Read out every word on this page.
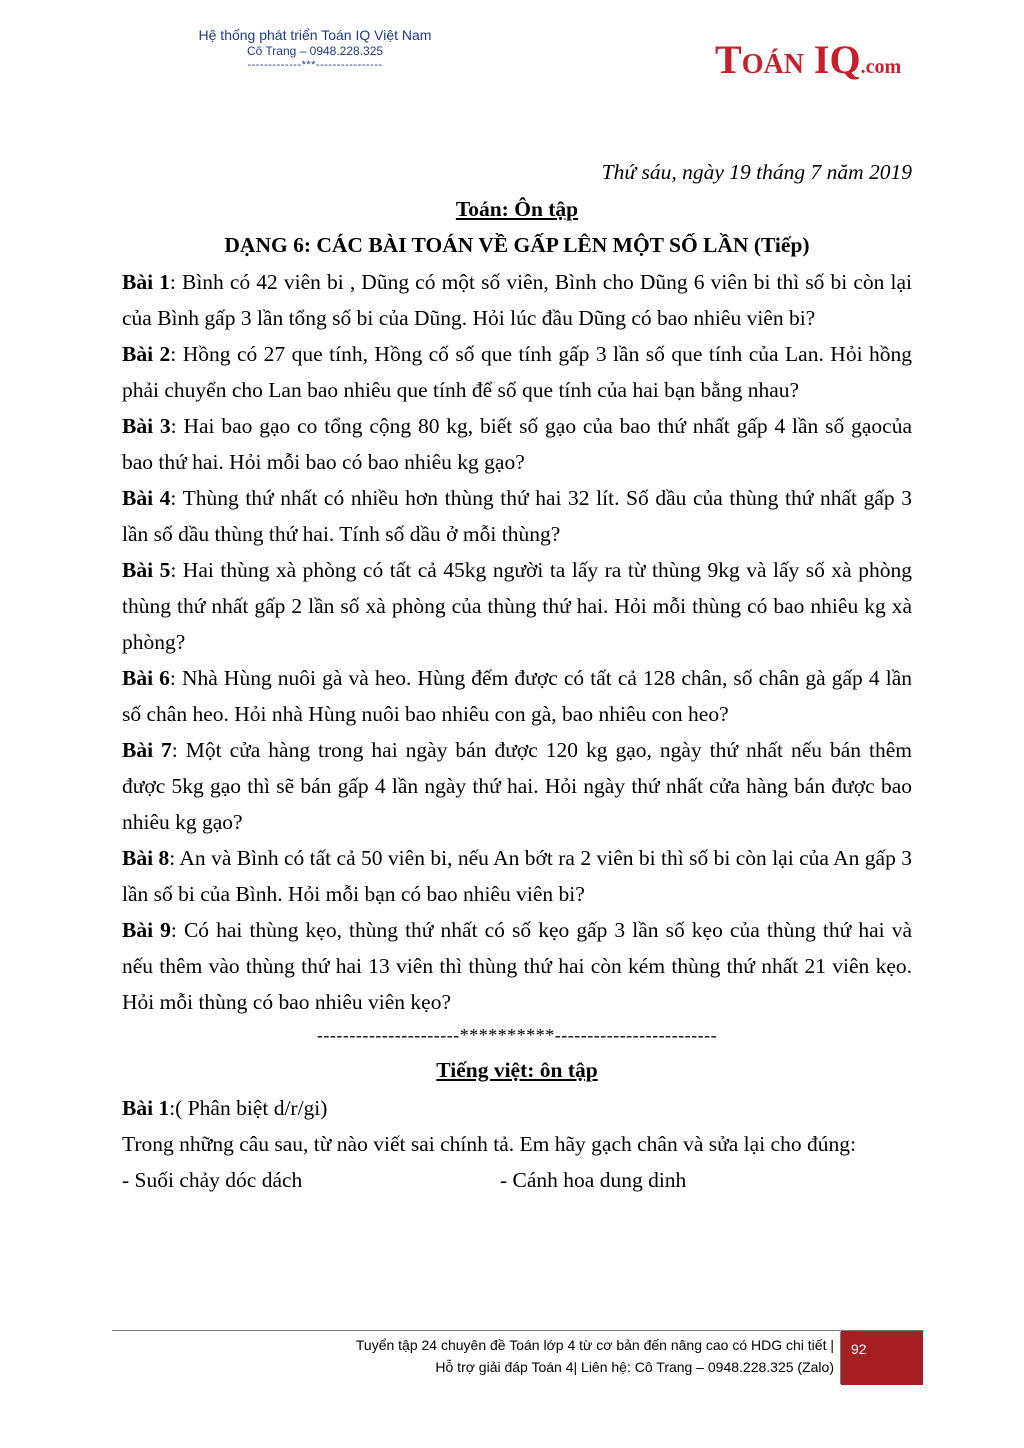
Hệ thống phát triển Toán IQ Việt Nam
Cô Trang – 0948.228.325
-------------***----------------	TOÁN IQ.com
Thứ sáu, ngày 19 tháng 7 năm 2019
Toán: Ôn tập
DẠNG 6: CÁC BÀI TOÁN VỀ GẤP LÊN MỘT SỐ LẦN (Tiếp)

Bài 1: Bình có 42 viên bi , Dũng có một số viên, Bình cho Dũng 6 viên bi thì số bi còn lại của Bình gấp 3 lần tổng số bi của Dũng. Hỏi lúc đầu Dũng có bao nhiêu viên bi?

Bài 2: Hồng có 27 que tính, Hồng cố số que tính gấp 3 lần số que tính của Lan. Hỏi hồng phải chuyển cho Lan bao nhiêu que tính để số que tính của hai bạn bằng nhau?

Bài 3: Hai bao gạo co tổng cộng 80 kg, biết số gạo của bao thứ nhất gấp 4 lần số gạocủa bao thứ hai. Hỏi mỗi bao có bao nhiêu kg gạo?

Bài 4: Thùng thứ nhất có nhiều hơn thùng thứ hai 32 lít. Số dầu của thùng thứ nhất gấp 3 lần số dầu thùng thứ hai. Tính số dầu ở mỗi thùng?

Bài 5: Hai thùng xà phòng có tất cả 45kg người ta lấy ra từ thùng 9kg và lấy số xà phòng thùng thứ nhất gấp 2 lần số xà phòng của thùng thứ hai. Hỏi mỗi thùng có bao nhiêu kg xà phòng?

Bài 6: Nhà Hùng nuôi gà và heo. Hùng đếm được có tất cả 128 chân, số chân gà gấp 4 lần số chân heo. Hỏi nhà Hùng nuôi bao nhiêu con gà, bao nhiêu con heo?

Bài 7: Một cửa hàng trong hai ngày bán được 120 kg gạo, ngày thứ nhất nếu bán thêm được 5kg gạo thì sẽ bán gấp 4 lần ngày thứ hai. Hỏi ngày thứ nhất cửa hàng bán được bao nhiêu kg gạo?

Bài 8: An và Bình có tất cả 50 viên bi, nếu An bớt ra 2 viên bi thì số bi còn lại của An gấp 3 lần số bi của Bình. Hỏi mỗi bạn có bao nhiêu viên bi?

Bài 9: Có hai thùng kẹo, thùng thứ nhất có số kẹo gấp 3 lần số kẹo của thùng thứ hai và nếu thêm vào thùng thứ hai 13 viên thì thùng thứ hai còn kém thùng thứ nhất 21 viên kẹo. Hỏi mỗi thùng có bao nhiêu viên kẹo?

----------------------**********-------------------------
Tiếng việt: ôn tập

Bài 1:( Phân biệt d/r/gi)

Trong những câu sau, từ nào viết sai chính tả. Em hãy gạch chân và sửa lại cho đúng:

- Suối chảy dóc dách	- Cánh hoa dung dinh
Tuyển tập 24 chuyên đề Toán lớp 4 từ cơ bản đến nâng cao có HDG chi tiết |
Hỗ trợ giải đáp Toán 4| Liên hệ: Cô Trang – 0948.228.325 (Zalo)
92
